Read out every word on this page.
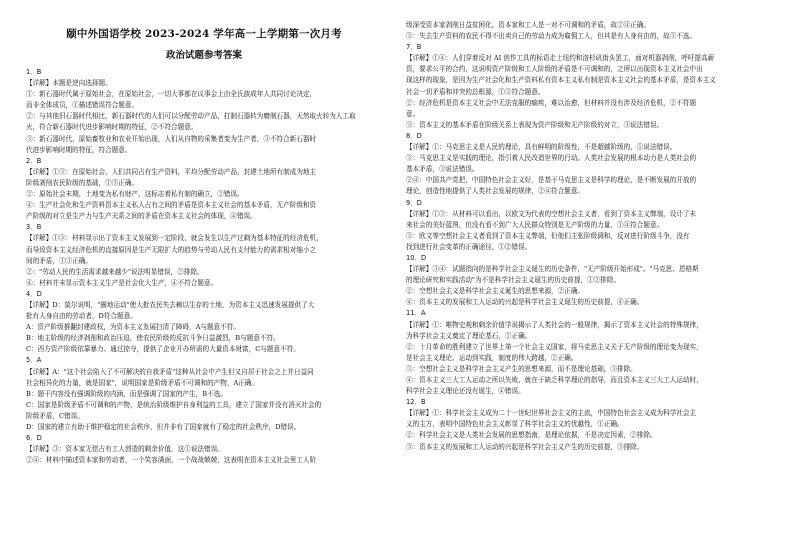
颐中外国语学校 2023-2024 学年高一上学期第一次月考
政治试题参考答案
1．B
【详解】本题是逆向选择题。
①：新石器时代属于原始社会，在原始社会，一切大事都在议事会上由全氏族成年人共同讨论决定，
而非全体成员，①描述错误符合题意。
②：与其他旧石器时代相比，新石器时代的人们可以分配劳动产品，打制石器转为磨制石器，天然取火转为人工取
火，符合新石器时代进步影响时期的特征，②不符合题意。
③：新石器时代，原始畜牧业和农业开始出现，人们从自物的采集者变为生产者，③不符合新石器时
代进步影响时期的特征，符合题意。
2．B
【详解】①③：在原始社会，人们共同占有生产资料，平均分配劳动产品，封建土地所有制成为地主
阶级剥削农民阶级的基础，①③正确。
②：原始社会末期，土地变为私有财产，这标志着私有制的确立，②错误。
④：生产社会化和生产资料资本主义私人占有之间的矛盾是资本主义社会的基本矛盾，无产阶级和资
产阶级的对立是生产力与生产关系之间的矛盾在资本主义社会的体现，④错误。
3．B
【详解】①③：材料显示出了资本主义发展到一定阶段，就会发生以生产过剩为基本特征的经济危机，
而导致资本主义经济危机的直接原因是生产无限扩大的趋势与劳动人民有支付能力的需求相对缩小之
间的矛盾，①③正确。
②："劳动人民的生活需求越来越少"说法明显错误，②排除。
④：材料并未显示资本主义生产是社会化大生产，④不符合题意。
4．D
【详解】D：莫尔说明，"圈地运动"使大批农民失去赖以生存的土地，为资本主义迅速发展提供了大
批有人身自由的劳动者，D符合题意。
A：资产阶级推翻封建政权，为资本主义发展扫清了障碍，A与题意不符。
B：地主阶级的经济剥削和政治压迫，使农民阶级的反抗斗争日益激烈，B与题意不符。
C：西方资产阶级依靠暴力、通过掠夺，提供了企业开办所需的大量资本财富，C与题意不符。
5．A
【详解】A："这个社会陷入了不可解决的自我矛盾"这种从社会中产生但又自居于社会之上并日益同
社会相异化的力量，就是国家"，说明国家是阶级矛盾不可调和的产物，A正确。
B：题干内容没有强调阶级的内涵，而是强调了国家的产生，B不选。
C：国家是阶级矛盾不可调和的产物，是统治阶级维护自身利益的工具，建立了国家并没有消灭社会的
阶级矛盾，C错误。
D：国家的建立有助于维护稳定的社会秩序，但并非有了国家就有了稳定的社会秩序，D错误。
6．D
【详解】③：资本家无偿占有工人创造的剩余价值，这①说法错误。
②④：材料中描述资本家和劳动者，一个笑容满面，一个战战兢兢，这表明在资本主义社会里工人阶
级深受资本家剥削日益贫困化，资本家和工人是一对不可调和的矛盾，故②④正确。
③：失去生产资料的农民不得不出卖自己的劳动力成为雇佣工人，但其是有人身自由的，故③不选。
7．B
【详解】①④：人们穿着反对 AI 创作工具的标语走上纽约和洛杉矶街头罢工，面对机器剥削，呼吁提高薪
资，要求公平的合约，这说明资产阶级和工人阶级的矛盾是不可调和的，之所以出现资本主义社会中出
现这样的现象，是因为生产社会化和生产资料私有资本主义私有制是资本主义社会的基本矛盾，是资本主义
社会一切矛盾和冲突的总根源，①③符合题意。
②：经济危机是资本主义社会中无法克服的痼疾，难以治愈，但材料并没有涉及经济危机，②不符题
意。
③：资本主义的基本矛盾在阶级关系上表现为资产阶级和无产阶级的对立，③说法错误。
8．D
【详解】①：马克思主义是人民的理论，具有鲜明的阶级性，不是超越阶级的，①说法错误。
③：马克思主义是实践的理论，指引着人民改造世界的行动。人类社会发展的根本动力是人类社会的
基本矛盾，③说法错误。
②④：中国共产党把，中国特色社会主义好，是基于马克思主义是科学的理论，是不断发展的开放的
理论，创造性地提供了人类社会发展的规律，②④符合题意。
9．D
【详解】①③：从材料可以看出，以欧文为代表的空想社会主义者，看到了资本主义弊端，设计了未
来社会的美好蓝图，但没有看不到广大人民群众特别是无产阶级的力量，①④符合题意。
③：欧文等空想社会主义者看到了资本主义弊端，但他们主张阶级调和，反对进行阶级斗争，没有
找到进行社会变革的正确途径，①②错误。
10．D
【详解】③④：试题指向的是科学社会主义诞生的历史条件，"无产阶级开始形成"、"马克思、恩格斯
的理论研究和实践活动"为不是科学社会主义诞生的历史前提，①②排除。
②：空想社会主义是科学社会主义诞生的思想来源，②正确。
④：资本主义的发展和工人运动的兴起是科学社会主义诞生的历史前提，④正确。
11．A
【详解】①：唯物史观和剩余价值学说揭示了人类社会的一般规律，揭示了资本主义社会的特殊规律，
为科学社会主义奠定了理论基石，①正确。
②：十月革命的胜利建立了世界上第一个社会主义国家，将马克思主义关于无产阶级的理论变为现实，
是社会主义理论、运动到实践，制度的伟大跨越，②正确。
③：空想社会主义是科学社会主义产生的思想来源，而不是理论基础，③排除。
④：资本主义三大工人运动之所以失败，就在于缺乏科学理论的指导，而且资本主义三大工人运动时，
科学社会主义理论还没有诞生，④错误。
12．B
【详解】①：科学社会主义成为二十一世纪世界社会主义的主流，中国特色社会主义成为科学社会主
义的主方，表明中国特色社会主义彰显了科学社会主义的优越性，①正确。
②：科学社会主义是人类社会发展的思想指南，是理论依据，不是决定因素，②排除。
③：资本主义的发展和工人运动的兴起是科学社会主义产生的历史前提，③排除。
